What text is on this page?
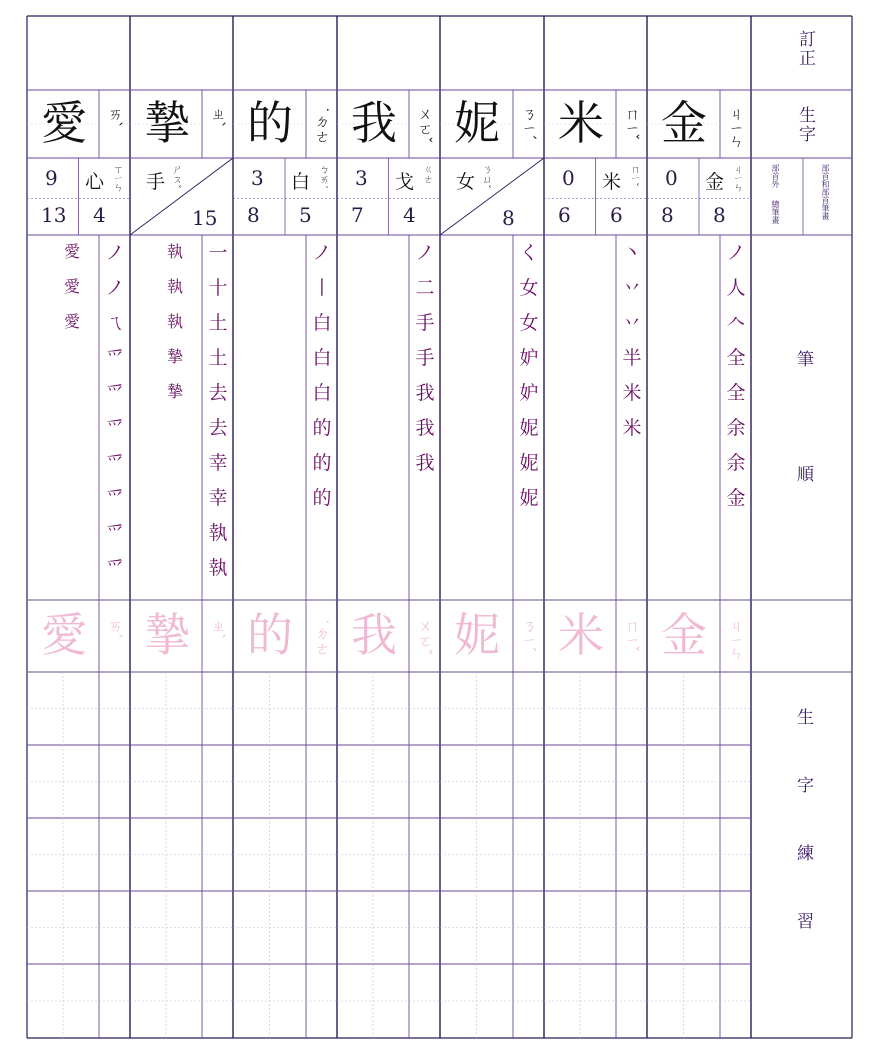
愛 ㄞˋ
9
13
心 ㄒㄧㄣ
4
ノ
ノ
ㄟ
爫
爫
爫
爫
爫
爫
爫
愛
愛
愛
愛 ㄞˋ
摯 ㄓˋ
手 ㄕㄡˇ
15
一
十
土
土
去
去
幸
幸
執
執
執
執
執
摯
摯
摯 ㄓˋ
的 ˙ㄉㄜ
3
8
白 ㄅㄞˊ
5
ノ
丨
白
白
白
的
的
的
的 ˙ㄉㄜ
我 ㄨㄛˇ
3
7
戈 ㄍㄜ
4
ノ
二
手
手
我
我
我
我 ㄨㄛˇ
妮 ㄋㄧˊ
女 ㄋㄩˇ
8
く
女
女
妒
妒
妮
妮
妮
妮 ㄋㄧˊ
米 ㄇㄧˇ
0
6
米 ㄇㄧˇ
6
丶
丷
丷
半
米
米
米 ㄇㄧˇ
金 ㄐㄧㄣ
0
8
金 ㄐㄧㄣ
8
ノ
人
𠆢
全
全
余
余
金
金 ㄐㄧㄣ
訂正
生字
部首外
總筆畫	部首和部首筆畫
筆
順
生
字
練
習
